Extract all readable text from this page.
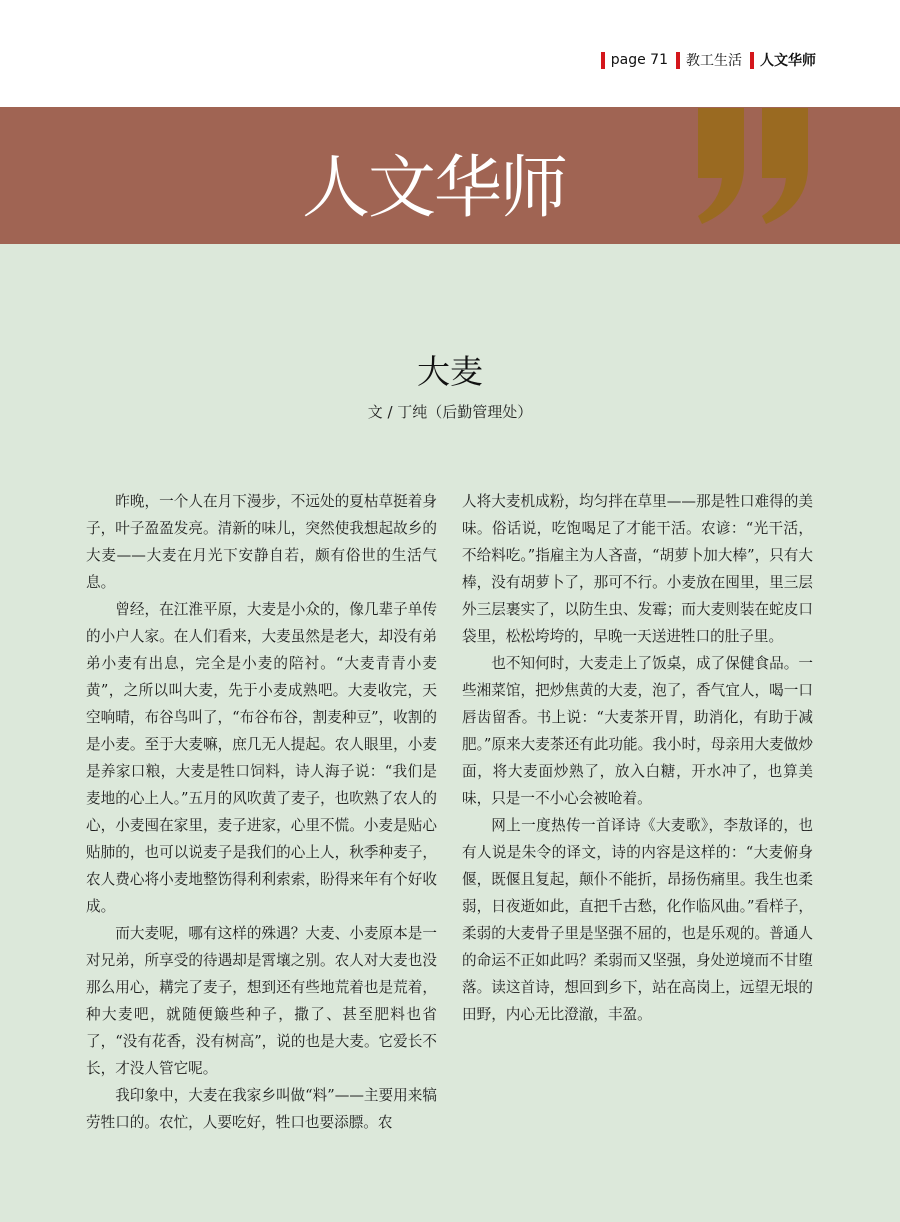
page 71 教工生活 人文华师
人文华师
大麦
文 / 丁纯（后勤管理处）

昨晚，一个人在月下漫步，不远处的夏枯草挺着身子，叶子盈盈发亮。清新的味儿，突然使我想起故乡的大麦——大麦在月光下安静自若，颇有俗世的生活气息。

曾经，在江淮平原，大麦是小众的，像几辈子单传的小户人家。在人们看来，大麦虽然是老大，却没有弟弟小麦有出息，完全是小麦的陪衬。“大麦青青小麦黄”，之所以叫大麦，先于小麦成熟吧。大麦收完，天空响晴，布谷鸟叫了，“布谷布谷，割麦种豆”，收割的是小麦。至于大麦嘛，庶几无人提起。农人眼里，小麦是养家口粮，大麦是牲口饲料，诗人海子说：“我们是麦地的心上人。”五月的风吹黄了麦子，也吹熟了农人的心，小麦囤在家里，麦子进家，心里不慌。小麦是贴心贴肺的，也可以说麦子是我们的心上人，秋季种麦子，农人费心将小麦地整饬得利利索索，盼得来年有个好收成。

而大麦呢，哪有这样的殊遇？大麦、小麦原本是一对兄弟，所享受的待遇却是霄壤之别。农人对大麦也没那么用心，耩完了麦子，想到还有些地荒着也是荒着，种大麦吧，就随便簸些种子，撒了、甚至肥料也省了，“没有花香，没有树高”，说的也是大麦。它爱长不长，才没人管它呢。

我印象中，大麦在我家乡叫做“料”——主要用来犒劳牲口的。农忙，人要吃好，牲口也要添膘。农

人将大麦机成粉，均匀拌在草里——那是牲口难得的美味。俗话说，吃饱喝足了才能干活。农谚：“光干活，不给料吃。”指雇主为人吝啬，“胡萝卜加大棒”，只有大棒，没有胡萝卜了，那可不行。小麦放在囤里，里三层外三层裹实了，以防生虫、发霉；而大麦则装在蛇皮口袋里，松松垮垮的，早晚一天送进牲口的肚子里。

也不知何时，大麦走上了饭桌，成了保健食品。一些湘菜馆，把炒焦黄的大麦，泡了，香气宜人，喝一口唇齿留香。书上说：“大麦茶开胃，助消化，有助于减肥。”原来大麦茶还有此功能。我小时，母亲用大麦做炒面，将大麦面炒熟了，放入白糖，开水冲了，也算美味，只是一不小心会被呛着。

网上一度热传一首译诗《大麦歌》，李敖译的，也有人说是朱令的译文，诗的内容是这样的：“大麦俯身偃，既偃且复起，颠仆不能折，昂扬伤痛里。我生也柔弱，日夜逝如此，直把千古愁，化作临风曲。”看样子，柔弱的大麦骨子里是坚强不屈的，也是乐观的。普通人的命运不正如此吗？柔弱而又坚强，身处逆境而不甘堕落。读这首诗，想回到乡下，站在高岗上，远望无垠的田野，内心无比澄澈，丰盈。
